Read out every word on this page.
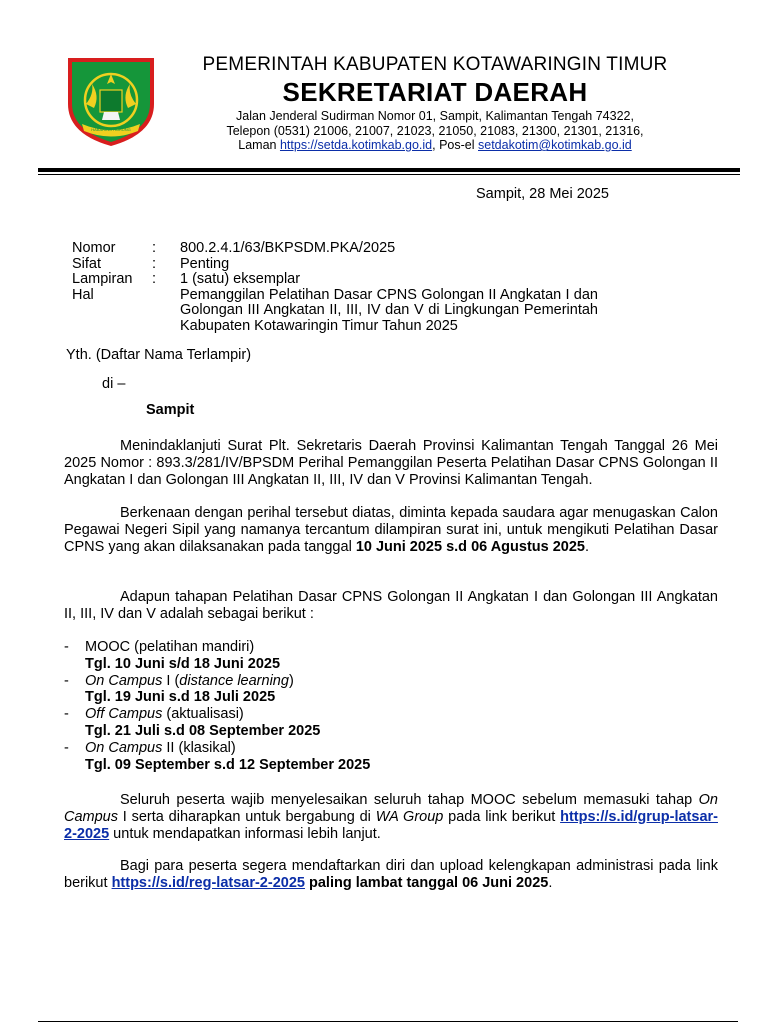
HABARING HURUNG
PEMERINTAH KABUPATEN KOTAWARINGIN TIMUR
SEKRETARIAT DAERAH
Jalan Jenderal Sudirman Nomor 01, Sampit, Kalimantan Tengah 74322,
Telepon (0531) 21006, 21007, 21023, 21050, 21083, 21300, 21301, 21316,
Laman https://setda.kotimkab.go.id, Pos-el setdakotim@kotimkab.go.id
Sampit, 28 Mei 2025
Nomor	: 800.2.4.1/63/BKPSDM.PKA/2025
Sifat	: Penting
Lampiran : 1 (satu) eksemplar
Hal	Pemanggilan Pelatihan Dasar CPNS Golongan II Angkatan I dan Golongan III Angkatan II, III, IV dan V di Lingkungan Pemerintah Kabupaten Kotawaringin Timur Tahun 2025
Yth. (Daftar Nama Terlampir)
di –
Sampit
Menindaklanjuti Surat Plt. Sekretaris Daerah Provinsi Kalimantan Tengah Tanggal 26 Mei 2025 Nomor : 893.3/281/IV/BPSDM Perihal Pemanggilan Peserta Pelatihan Dasar CPNS Golongan II Angkatan I dan Golongan III Angkatan II, III, IV dan V Provinsi Kalimantan Tengah.
Berkenaan dengan perihal tersebut diatas, diminta kepada saudara agar menugaskan Calon Pegawai Negeri Sipil yang namanya tercantum dilampiran surat ini, untuk mengikuti Pelatihan Dasar CPNS yang akan dilaksanakan pada tanggal 10 Juni 2025 s.d 06 Agustus 2025.
Adapun tahapan Pelatihan Dasar CPNS Golongan II Angkatan I dan Golongan III Angkatan II, III, IV dan V adalah sebagai berikut :
- MOOC (pelatihan mandiri)
Tgl. 10 Juni s/d 18 Juni 2025
- On Campus I (distance learning)
Tgl. 19 Juni s.d 18 Juli 2025
- Off Campus (aktualisasi)
Tgl. 21 Juli s.d 08 September 2025
- On Campus II (klasikal)
Tgl. 09 September s.d 12 September 2025
Seluruh peserta wajib menyelesaikan seluruh tahap MOOC sebelum memasuki tahap On Campus I serta diharapkan untuk bergabung di WA Group pada link berikut https://s.id/grup-latsar-2-2025 untuk mendapatkan informasi lebih lanjut.
Bagi para peserta segera mendaftarkan diri dan upload kelengkapan administrasi pada link berikut https://s.id/reg-latsar-2-2025 paling lambat tanggal 06 Juni 2025.
